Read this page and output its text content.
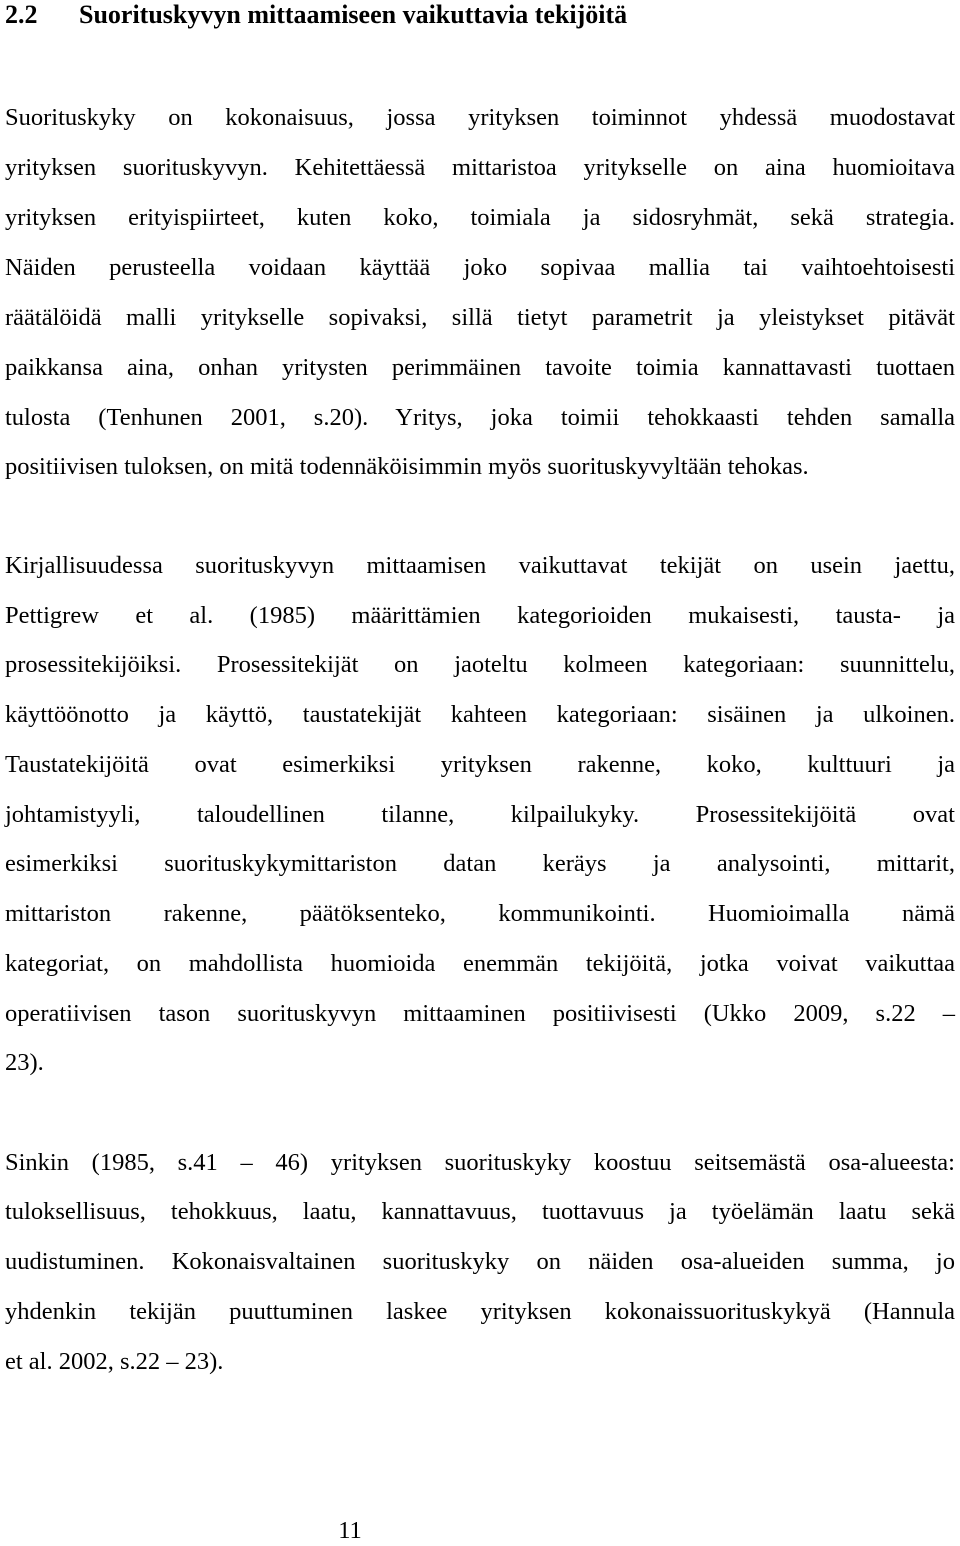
2.2 Suorituskyvyn mittaamiseen vaikuttavia tekijöitä
Suorituskyky on kokonaisuus, jossa yrityksen toiminnot yhdessä muodostavat
yrityksen suorituskyvyn. Kehitettäessä mittaristoa yritykselle on aina huomioitava
yrityksen erityispiirteet, kuten koko, toimiala ja sidosryhmät, sekä strategia.
Näiden perusteella voidaan käyttää joko sopivaa mallia tai vaihtoehtoisesti
räätälöidä malli yritykselle sopivaksi, sillä tietyt parametrit ja yleistykset pitävät
paikkansa aina, onhan yritysten perimmäinen tavoite toimia kannattavasti tuottaen
tulosta (Tenhunen 2001, s.20). Yritys, joka toimii tehokkaasti tehden samalla
positiivisen tuloksen, on mitä todennäköisimmin myös suorituskyvyltään tehokas.
Kirjallisuudessa suorituskyvyn mittaamisen vaikuttavat tekijät on usein jaettu,
Pettigrew et al. (1985) määrittämien kategorioiden mukaisesti, tausta- ja
prosessitekijöiksi. Prosessitekijät on jaoteltu kolmeen kategoriaan: suunnittelu,
käyttöönotto ja käyttö, taustatekijät kahteen kategoriaan: sisäinen ja ulkoinen.
Taustatekijöitä ovat esimerkiksi yrityksen rakenne, koko, kulttuuri ja
johtamistyyli, taloudellinen tilanne, kilpailukyky. Prosessitekijöitä ovat
esimerkiksi suorituskykymittariston datan keräys ja analysointi, mittarit,
mittariston rakenne, päätöksenteko, kommunikointi. Huomioimalla nämä
kategoriat, on mahdollista huomioida enemmän tekijöitä, jotka voivat vaikuttaa
operatiivisen tason suorituskyvyn mittaaminen positiivisesti (Ukko 2009, s.22 –
23).
Sinkin (1985, s.41 – 46) yrityksen suorituskyky koostuu seitsemästä osa-alueesta:
tuloksellisuus, tehokkuus, laatu, kannattavuus, tuottavuus ja työelämän laatu sekä
uudistuminen. Kokonaisvaltainen suorituskyky on näiden osa-alueiden summa, jo
yhdenkin tekijän puuttuminen laskee yrityksen kokonaissuorituskykyä (Hannula
et al. 2002, s.22 – 23).
11
